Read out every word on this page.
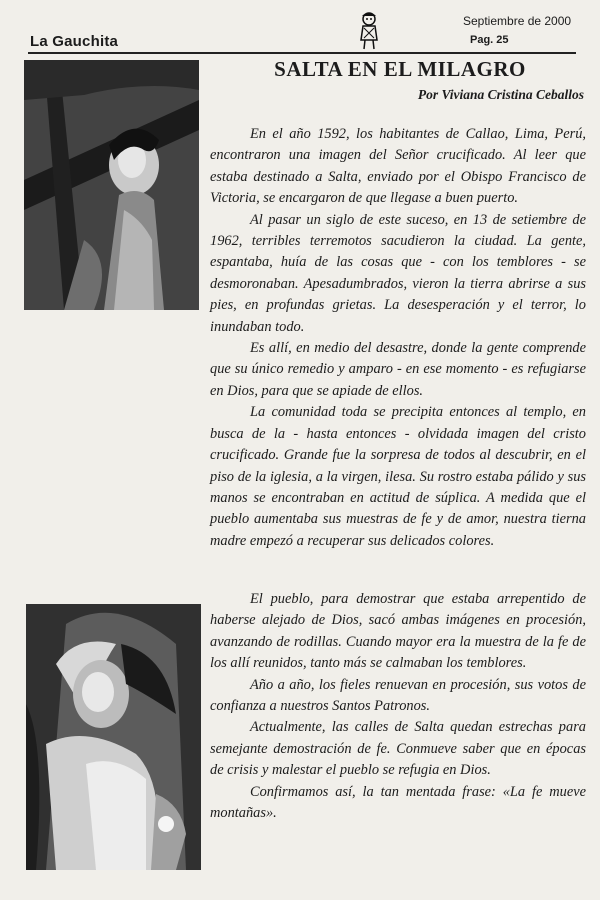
La Gauchita
Septiembre de 2000
Pag. 25
SALTA EN EL MILAGRO
Por Viviana Cristina Ceballos

En el año 1592, los habitantes de Callao, Lima, Perú, encontraron una imagen del Señor crucificado. Al leer que estaba destinado a Salta, enviado por el Obispo Francisco de Victoria, se encargaron de que llegase a buen puerto.

Al pasar un siglo de este suceso, en 13 de setiembre de 1962, terribles terremotos sacudieron la ciudad. La gente, espantaba, huía de las cosas que - con los temblores - se desmoronaban. Apesadumbrados, vieron la tierra abrirse a sus pies, en profundas grietas. La desesperación y el terror, lo inundaban todo.

Es allí, en medio del desastre, donde la gente comprende que su único remedio y amparo - en ese momento - es refugiarse en Dios, para que se apiade de ellos.

La comunidad toda se precipita entonces al templo, en busca de la - hasta entonces - olvidada imagen del cristo crucificado. Grande fue la sorpresa de todos al descubrir, en el piso de la iglesia, a la virgen, ilesa. Su rostro estaba pálido y sus manos se encontraban en actitud de súplica. A medida que el pueblo aumentaba sus muestras de fe y de amor, nuestra tierna madre empezó a recuperar sus delicados colores.

El pueblo, para demostrar que estaba arrepentido de haberse alejado de Dios, sacó ambas imágenes en procesión, avanzando de rodillas. Cuando mayor era la muestra de la fe de los allí reunidos, tanto más se calmaban los temblores.

Año a año, los fieles renuevan en procesión, sus votos de confianza a nuestros Santos Patronos.

Actualmente, las calles de Salta quedan estrechas para semejante demostración de fe. Conmueve saber que en épocas de crisis y malestar el pueblo se refugia en Dios.

Confirmamos así, la tan mentada frase: «La fe mueve montañas».
